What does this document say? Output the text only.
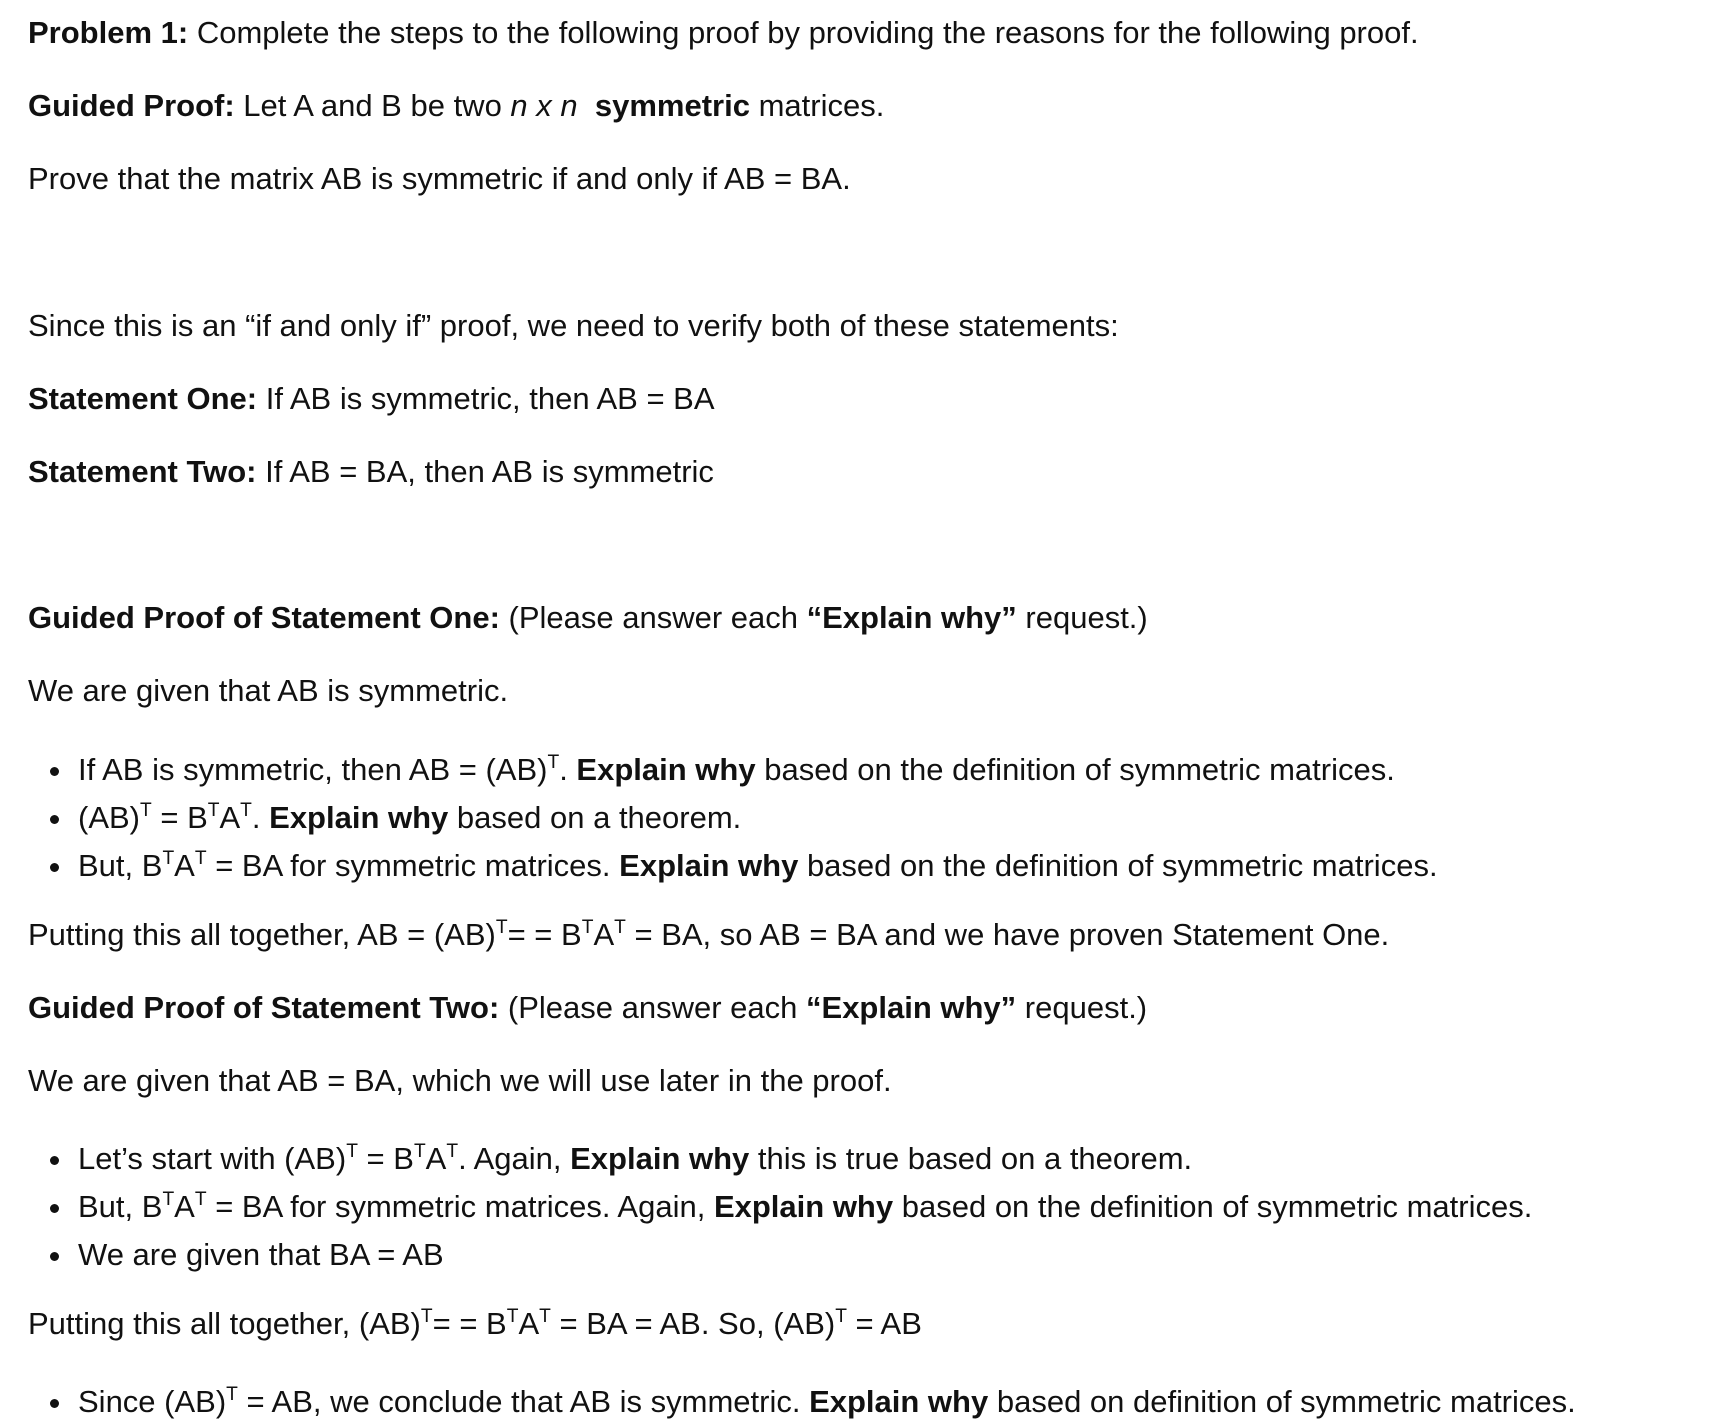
Problem 1: Complete the steps to the following proof by providing the reasons for the following proof.

Guided Proof: Let A and B be two n x n symmetric matrices.

Prove that the matrix AB is symmetric if and only if AB = BA.

Since this is an “if and only if” proof, we need to verify both of these statements:

Statement One: If AB is symmetric, then AB = BA

Statement Two: If AB = BA, then AB is symmetric

Guided Proof of Statement One: (Please answer each “Explain why” request.)

We are given that AB is symmetric.

If AB is symmetric, then AB = (AB)$^T$. Explain why based on the definition of symmetric matrices.
$(AB)^T = B^TA^T$. Explain why based on a theorem.
But, $B^TA^T$ = BA for symmetric matrices. Explain why based on the definition of symmetric matrices.

Putting this all together, AB = $(AB)^T= = B^TA^T$ = BA, so AB = BA and we have proven Statement One.

Guided Proof of Statement Two: (Please answer each “Explain why” request.)

We are given that AB = BA, which we will use later in the proof.

Let’s start with $(AB)^T = B^TA^T$. Again, Explain why this is true based on a theorem.
But, $B^TA^T$ = BA for symmetric matrices. Again, Explain why based on the definition of symmetric matrices.
We are given that BA = AB

Putting this all together, $(AB)^T= = B^TA^T$ = BA = AB. So, (AB)$^T$ = AB

Since (AB)$^T$ = AB, we conclude that AB is symmetric. Explain why based on definition of symmetric matrices.
